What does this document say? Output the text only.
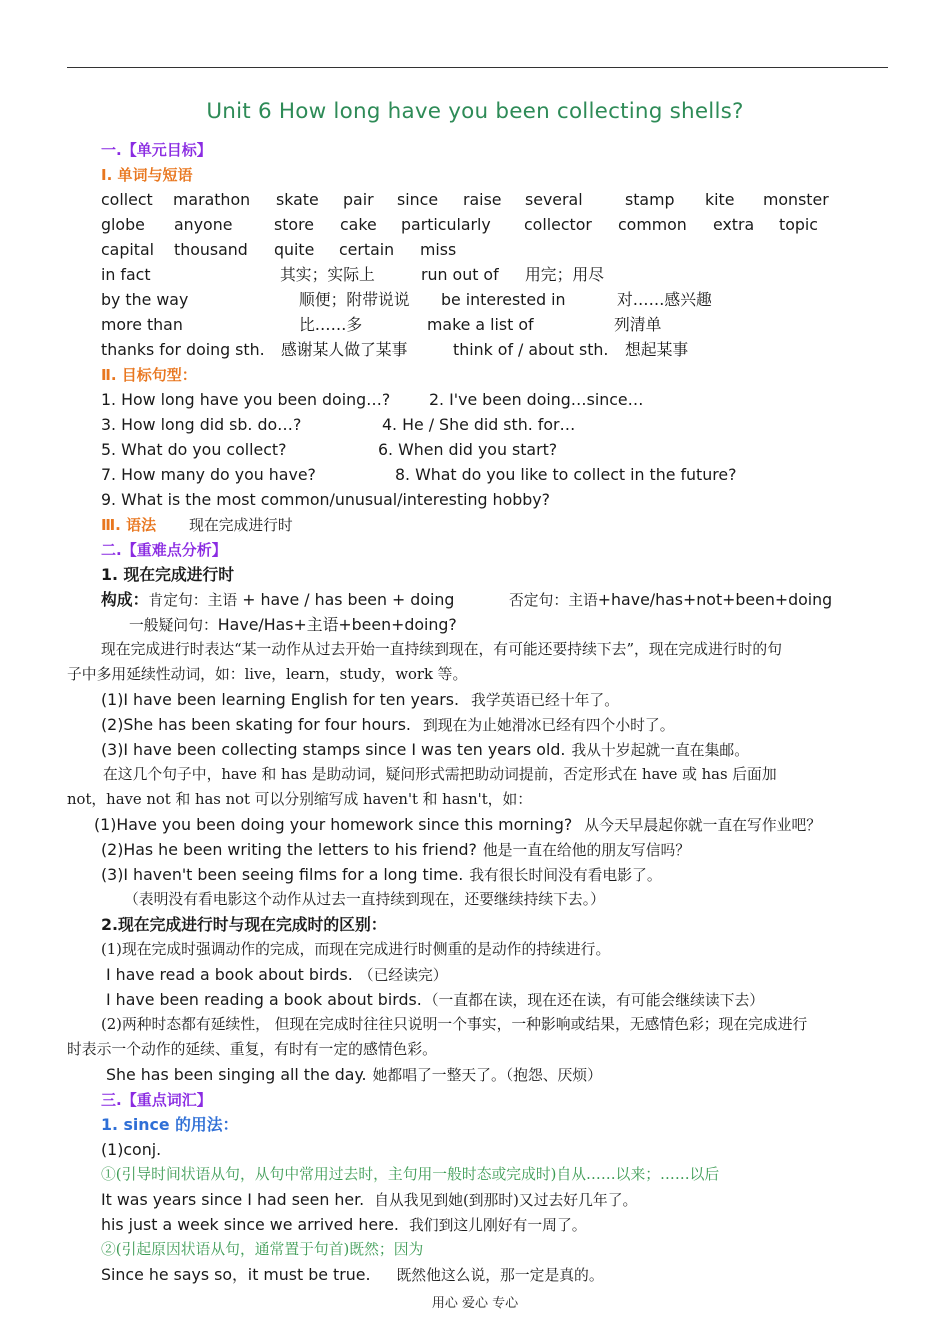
Unit 6 How long have you been collecting shells?
一.【单元目标】
Ⅰ. 单词与短语
collect marathon skate pair since raise several	stamp kite monster
globe anyone	store cake particularly collector common extra topic
capital thousand quite certain miss
in fact	其实；实际上	run out of 用完；用尽
by the way	顺便；附带说说 be interested in	对……感兴趣
more than	比……多	make a list of	列清单
thanks for doing sth. 感谢某人做了某事	think of / about sth. 想起某事
Ⅱ. 目标句型：
1. How long have you been doing…? 2. I've been doing…since…
3. How long did sb. do…?	4. He / She did sth. for…
5. What do you collect?	6. When did you start?
7. How many do you have?	8. What do you like to collect in the future?
9. What is the most common/unusual/interesting hobby?
Ⅲ. 语法 现在完成进行时
二.【重难点分析】
1. 现在完成进行时
构成：肯定句：主语 + have / has been + doing	否定句：主语+have/has+not+been+doing
一般疑问句：Have/Has+主语+been+doing?
现在完成进行时表达“某一动作从过去开始一直持续到现在，有可能还要持续下去”，现在完成进行时的句
子中多用延续性动词，如：live，learn，study，work 等。
(1)I have been learning English for ten years. 我学英语已经十年了。
(2)She has been skating for four hours. 到现在为止她滑冰已经有四个小时了。
(3)I have been collecting stamps since I was ten years old. 我从十岁起就一直在集邮。
在这几个句子中，have 和 has 是助动词，疑问形式需把助动词提前，否定形式在 have 或 has 后面加
not，have not 和 has not 可以分别缩写成 haven't 和 hasn't，如：
(1)Have you been doing your homework since this morning? 从今天早晨起你就一直在写作业吧？
(2)Has he been writing the letters to his friend? 他是一直在给他的朋友写信吗？
(3)I haven't been seeing films for a long time. 我有很长时间没有看电影了。
（表明没有看电影这个动作从过去一直持续到现在，还要继续持续下去。）
2.现在完成进行时与现在完成时的区别：
(1)现在完成时强调动作的完成，而现在完成进行时侧重的是动作的持续进行。
I have read a book about birds. （已经读完）
I have been reading a book about birds. （一直都在读，现在还在读，有可能会继续读下去）
(2)两种时态都有延续性， 但现在完成时往往只说明一个事实，一种影响或结果，无感情色彩；现在完成进行
时表示一个动作的延续、重复，有时有一定的感情色彩。
She has been singing all the day. 她都唱了一整天了。（抱怨、厌烦）
三.【重点词汇】
1. since 的用法：
(1)conj.
①(引导时间状语从句，从句中常用过去时，主句用一般时态或完成时)自从……以来；……以后
It was years since I had seen her. 自从我见到她(到那时)又过去好几年了。
his just a week since we arrived here. 我们到这儿刚好有一周了。
②(引起原因状语从句，通常置于句首)既然；因为
Since he says so，it must be true. 既然他这么说，那一定是真的。
用心 爱心 专心
